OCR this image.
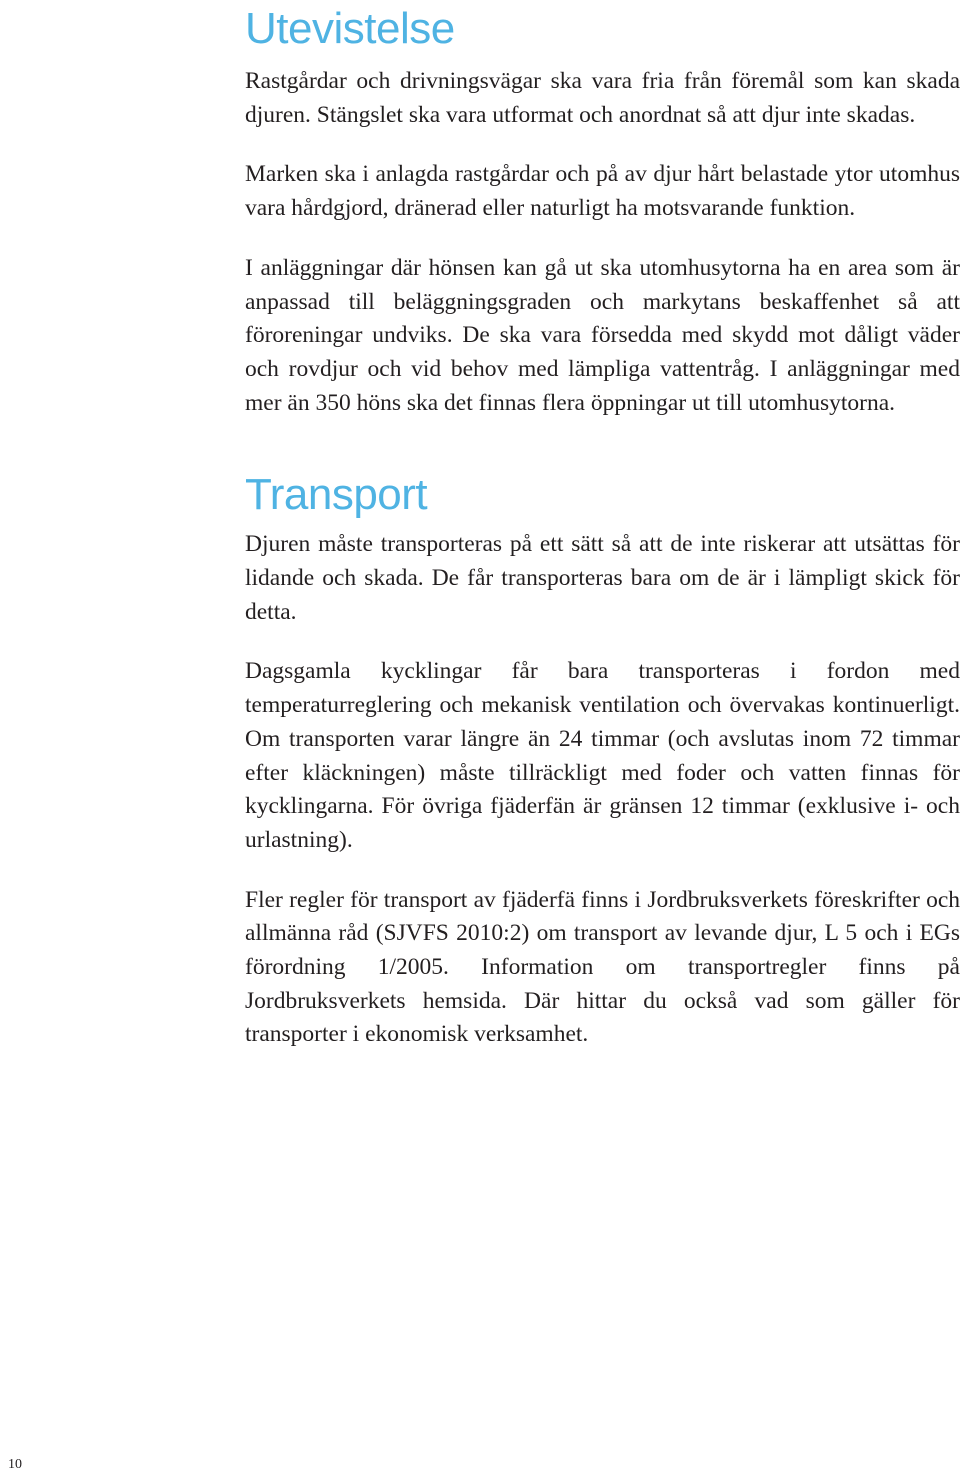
Utevistelse

Rastgårdar och drivningsvägar ska vara fria från föremål som kan skada djuren. Stängslet ska vara utformat och anordnat så att djur inte skadas.

Marken ska i anlagda rastgårdar och på av djur hårt belastade ytor utomhus vara hårdgjord, dränerad eller naturligt ha motsvarande funktion.

I anläggningar där hönsen kan gå ut ska utomhusytorna ha en area som är anpassad till beläggningsgraden och markytans beskaffenhet så att föroreningar undviks. De ska vara försedda med skydd mot dåligt väder och rovdjur och vid behov med lämpliga vattentråg. I anläggningar med mer än 350 höns ska det finnas flera öppningar ut till utomhusytorna.

Transport

Djuren måste transporteras på ett sätt så att de inte riskerar att utsättas för lidande och skada. De får transporteras bara om de är i lämpligt skick för detta.

Dagsgamla kycklingar får bara transporteras i fordon med temperaturreglering och mekanisk ventilation och övervakas kontinuerligt. Om transporten varar längre än 24 timmar (och avslutas inom 72 timmar efter kläckningen) måste tillräckligt med foder och vatten finnas för kycklingarna. För övriga fjäderfän är gränsen 12 timmar (exklusive i- och urlastning).

Fler regler för transport av fjäderfä finns i Jordbruksverkets föreskrifter och allmänna råd (SJVFS 2010:2) om transport av levande djur, L 5 och i EGs förordning 1/2005. Information om transportregler finns på Jordbruksverkets hemsida. Där hittar du också vad som gäller för transporter i ekonomisk verksamhet.

10
